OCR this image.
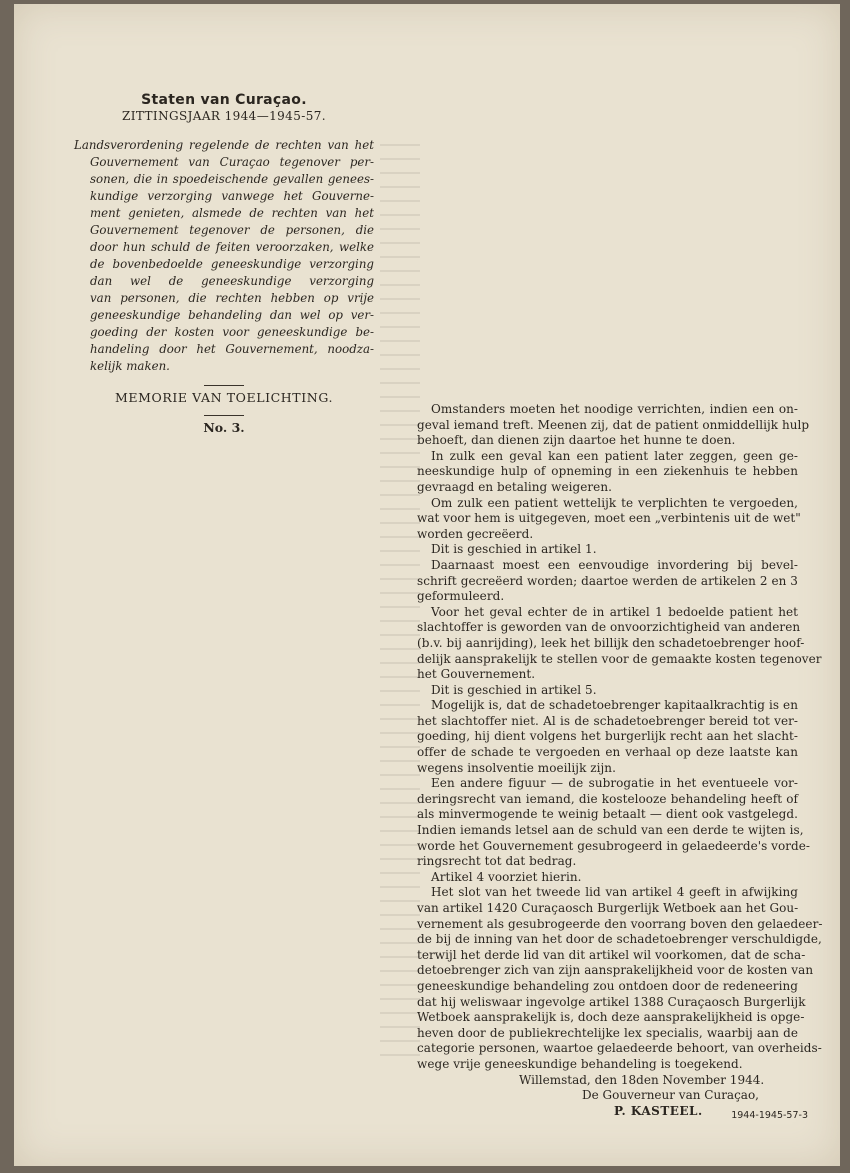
Staten van Curaçao.

ZITTINGSJAAR 1944—1945-57.

Landsverordening regelende de rechten van het
Gouvernement van Curaçao tegenover per-
sonen, die in spoedeischende gevallen genees-
kundige verzorging vanwege het Gouverne-
ment genieten, alsmede de rechten van het
Gouvernement tegenover de personen, die
door hun schuld de feiten veroorzaken, welke
de bovenbedoelde geneeskundige verzorging
dan wel de geneeskundige verzorging
van personen, die rechten hebben op vrije
geneeskundige behandeling dan wel op ver-
goeding der kosten voor geneeskundige be-
handeling door het Gouvernement, noodza-
kelijk maken.

MEMORIE VAN TOELICHTING.

No. 3.

Omstanders moeten het noodige verrichten, indien een on-
geval iemand treft. Meenen zij, dat de patient onmiddellijk hulp
behoeft, dan dienen zijn daartoe het hunne te doen.
In zulk een geval kan een patient later zeggen, geen ge-
neeskundige hulp of opneming in een ziekenhuis te hebben
gevraagd en betaling weigeren.
Om zulk een patient wettelijk te verplichten te vergoeden,
wat voor hem is uitgegeven, moet een „verbintenis uit de wet"
worden gecreëerd.
Dit is geschied in artikel 1.
Daarnaast moest een eenvoudige invordering bij bevel-
schrift gecreëerd worden; daartoe werden de artikelen 2 en 3
geformuleerd.
Voor het geval echter de in artikel 1 bedoelde patient het
slachtoffer is geworden van de onvoorzichtigheid van anderen
(b.v. bij aanrijding), leek het billijk den schadetoebrenger hoof-
delijk aansprakelijk te stellen voor de gemaakte kosten tegenover
het Gouvernement.
Dit is geschied in artikel 5.
Mogelijk is, dat de schadetoebrenger kapitaalkrachtig is en
het slachtoffer niet. Al is de schadetoebrenger bereid tot ver-
goeding, hij dient volgens het burgerlijk recht aan het slacht-
offer de schade te vergoeden en verhaal op deze laatste kan
wegens insolventie moeilijk zijn.
Een andere figuur — de subrogatie in het eventueele vor-
deringsrecht van iemand, die kostelooze behandeling heeft of
als minvermogende te weinig betaalt — dient ook vastgelegd.
Indien iemands letsel aan de schuld van een derde te wijten is,
worde het Gouvernement gesubrogeerd in gelaedeerde's vorde-
ringsrecht tot dat bedrag.
Artikel 4 voorziet hierin.
Het slot van het tweede lid van artikel 4 geeft in afwijking
van artikel 1420 Curaçaosch Burgerlijk Wetboek aan het Gou-
vernement als gesubrogeerde den voorrang boven den gelaedeer-
de bij de inning van het door de schadetoebrenger verschuldigde,
terwijl het derde lid van dit artikel wil voorkomen, dat de scha-
detoebrenger zich van zijn aansprakelijkheid voor de kosten van
geneeskundige behandeling zou ontdoen door de redeneering
dat hij weliswaar ingevolge artikel 1388 Curaçaosch Burgerlijk
Wetboek aansprakelijk is, doch deze aansprakelijkheid is opge-
heven door de publiekrechtelijke lex specialis, waarbij aan de
categorie personen, waartoe gelaedeerde behoort, van overheids-
wege vrije geneeskundige behandeling is toegekend.
Willemstad, den 18den November 1944.
De Gouverneur van Curaçao,
P. KASTEEL.	1944-1945-57-3
